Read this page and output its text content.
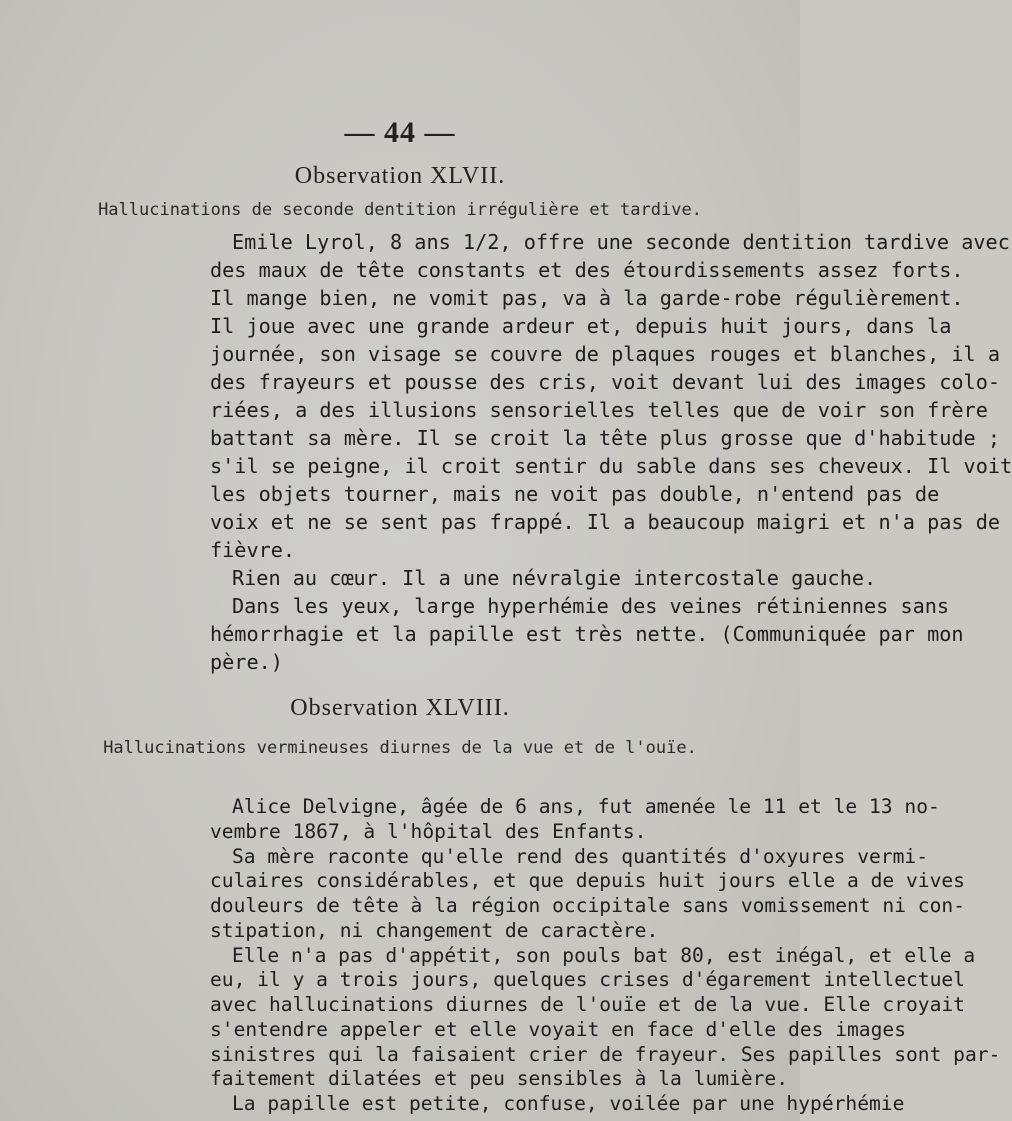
— 44 —
Observation XLVII.
Hallucinations de seconde dentition irrégulière et tardive.
Emile Lyrol, 8 ans 1/2, offre une seconde dentition tardive avec
des maux de tête constants et des étourdissements assez forts.
Il mange bien, ne vomit pas, va à la garde-robe régulièrement.
Il joue avec une grande ardeur et, depuis huit jours, dans la
journée, son visage se couvre de plaques rouges et blanches, il a
des frayeurs et pousse des cris, voit devant lui des images colo-
riées, a des illusions sensorielles telles que de voir son frère
battant sa mère. Il se croit la tête plus grosse que d'habitude ;
s'il se peigne, il croit sentir du sable dans ses cheveux. Il voit
les objets tourner, mais ne voit pas double, n'entend pas de
voix et ne se sent pas frappé. Il a beaucoup maigri et n'a pas de
fièvre.
Rien au cœur. Il a une névralgie intercostale gauche.
Dans les yeux, large hyperhémie des veines rétiniennes sans
hémorrhagie et la papille est très nette. (Communiquée par mon
père.)
Observation XLVIII.
Hallucinations vermineuses diurnes de la vue et de l'ouïe.
Alice Delvigne, âgée de 6 ans, fut amenée le 11 et le 13 no-
vembre 1867, à l'hôpital des Enfants.
Sa mère raconte qu'elle rend des quantités d'oxyures vermi-
culaires considérables, et que depuis huit jours elle a de vives
douleurs de tête à la région occipitale sans vomissement ni con-
stipation, ni changement de caractère.
Elle n'a pas d'appétit, son pouls bat 80, est inégal, et elle a
eu, il y a trois jours, quelques crises d'égarement intellectuel
avec hallucinations diurnes de l'ouïe et de la vue. Elle croyait
s'entendre appeler et elle voyait en face d'elle des images
sinistres qui la faisaient crier de frayeur. Ses papilles sont par-
faitement dilatées et peu sensibles à la lumière.
La papille est petite, confuse, voilée par une hypérhémie
